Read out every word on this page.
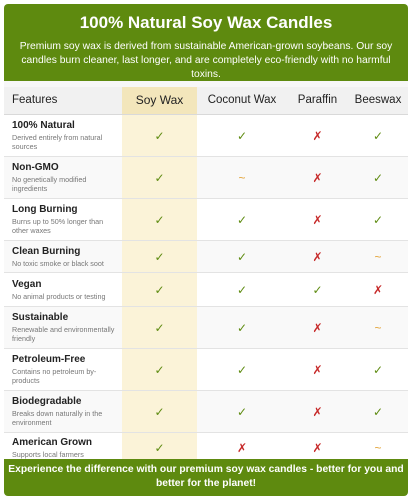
100% Natural Soy Wax Candles

Premium soy wax is derived from sustainable American-grown soybeans. Our soy candles burn cleaner, last longer, and are completely eco-friendly with no harmful toxins.

Features	Soy Wax	Coconut Wax	Paraffin	Beeswax

100% Natural
Derived entirely from natural sources	✓	✓	✗	✓

Non-GMO
No genetically modified ingredients	✓	~	✗	✓

Long Burning
Burns up to 50% longer than other waxes	✓	✓	✗	✓

Clean Burning
No toxic smoke or black soot	✓	✓	✗	~

Vegan
No animal products or testing	✓	✓	✓	✗

Sustainable
Renewable and environmentally friendly	✓	✓	✗	~

Petroleum-Free
Contains no petroleum by-products	✓	✓	✗	✓

Biodegradable
Breaks down naturally in the environment	✓	✓	✗	✓

American Grown
Supports local farmers	✓	✗	✗	~
Experience the difference with our premium soy wax candles - better for you and better for the planet!
